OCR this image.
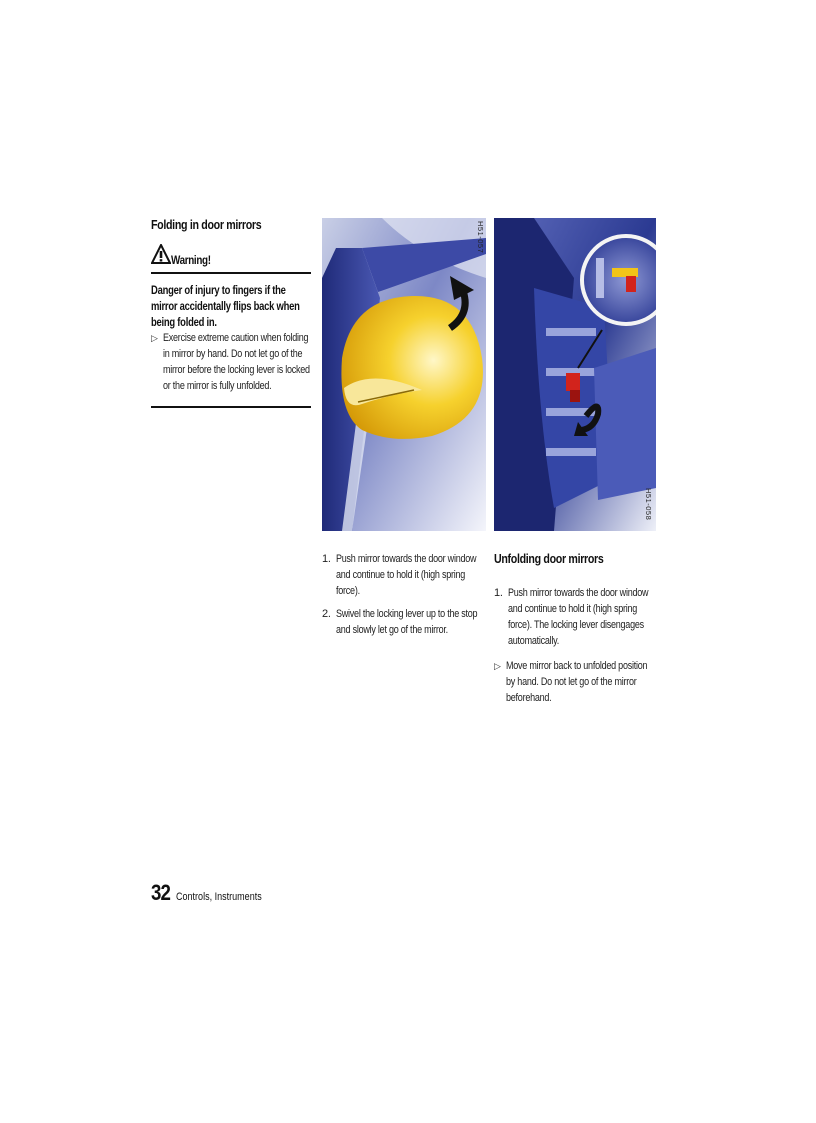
Folding in door mirrors
Warning!
Danger of injury to fingers if the mirror accidentally flips back when being folded in.
▷ Exercise extreme caution when folding in mirror by hand. Do not let go of the mirror before the locking lever is locked or the mirror is fully unfolded.
H51-057
H51-058
1. Push mirror towards the door window and continue to hold it (high spring force).
2. Swivel the locking lever up to the stop and slowly let go of the mirror.
Unfolding door mirrors
1. Push mirror towards the door window and continue to hold it (high spring force). The locking lever disengages automatically.
▷ Move mirror back to unfolded position by hand. Do not let go of the mirror beforehand.
32 Controls, Instruments
